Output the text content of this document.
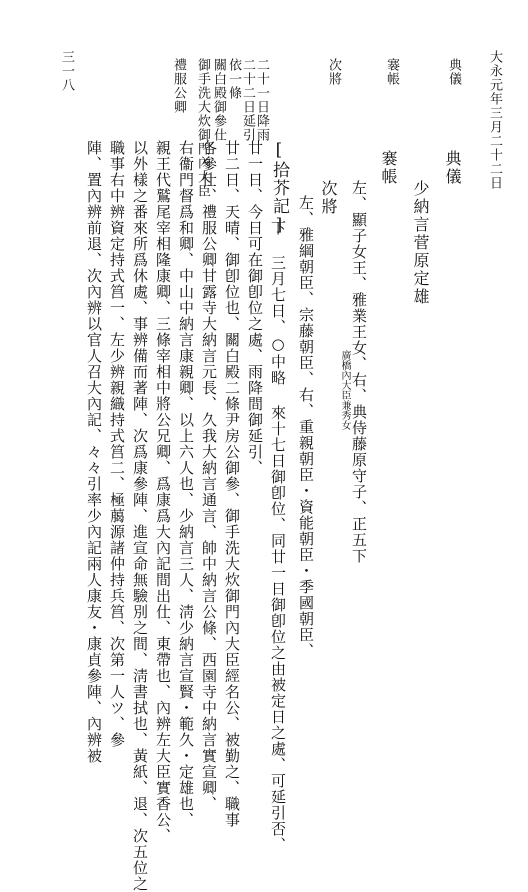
三一八	大永元年三月二十二日
典儀
褰帳
次將
二十一日降雨
二十二日延引
依一條
關白殿御參仕
御手洗大炊御門內大臣
禮服公卿
典儀
少納言菅原定雄
褰帳
左、顯子女王、雅業王女、右、典侍藤原守子、正五下
廣橋內大臣兼秀女
次將
左、雅綱朝臣、宗藤朝臣、右、重親朝臣・資能朝臣・季國朝臣、
[拾芥記]
下 三月七日、○中略 來十七日御卽位、同廿一日御卽位之由被定日之處、可延引否、
廿一日、今日可在御卽位之處、雨降間御延引、
廿二日、天晴、御卽位也、關白殿二條尹房公御參、御手洗大炊御門內大臣經名公、被勤之、職事
各參仕、禮服公卿甘露寺大納言元長、久我大納言通言、帥中納言公條、西園寺中納言實宣卿、
右衞門督爲和卿、中山中納言康親卿、以上六人也、少納言三人、淸少納言宣賢・範久・定雄也、
親王代鷲尾宰相隆康卿、三條宰相中將公兄卿、爲康爲大內記間出仕、東帶也、內辨左大臣實香公、
以外樣之番來所爲休處、事辨備而著陣、次爲康參陣、進宣命無驗別之間、淸書拭也、黃紙、退、次五位之
職事右中辨資定持式筥一、左少辨親織持式筥二、極﨟源諸仲持兵筥、次第一人ツ、參
陣、置內辨前退、次內辨以官人召大內記、々々引率少內記兩人康友・康貞參陣、內辨被
